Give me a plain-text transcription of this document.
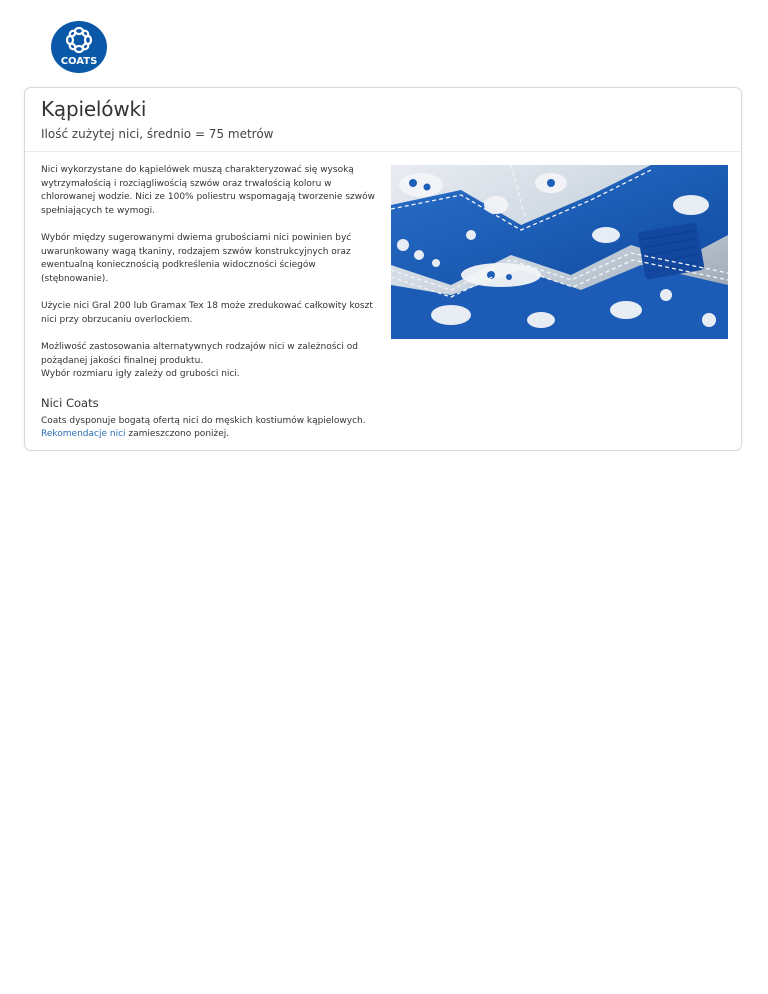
COATS
Kąpielówki

Ilość zużytej nici, średnio = 75 metrów

Nici wykorzystane do kąpielówek muszą charakteryzować się wysoką
wytrzymałością i rozciągliwością szwów oraz trwałością koloru w
chlorowanej wodzie. Nici ze 100% poliestru wspomagają tworzenie szwów
spełniających te wymogi.

Wybór między sugerowanymi dwiema grubościami nici powinien być
uwarunkowany wagą tkaniny, rodzajem szwów konstrukcyjnych oraz
ewentualną koniecznością podkreślenia widoczności ściegów
(stębnowanie).

Użycie nici Gral 200 lub Gramax Tex 18 może zredukować całkowity koszt
nici przy obrzucaniu overlockiem.

Możliwość zastosowania alternatywnych rodzajów nici w zależności od
pożądanej jakości finalnej produktu.
Wybór rozmiaru igły zależy od grubości nici.

Nici Coats

Coats dysponuje bogatą ofertą nici do męskich kostiumów kąpielowych.
Rekomendacje nici zamieszczono poniżej.
